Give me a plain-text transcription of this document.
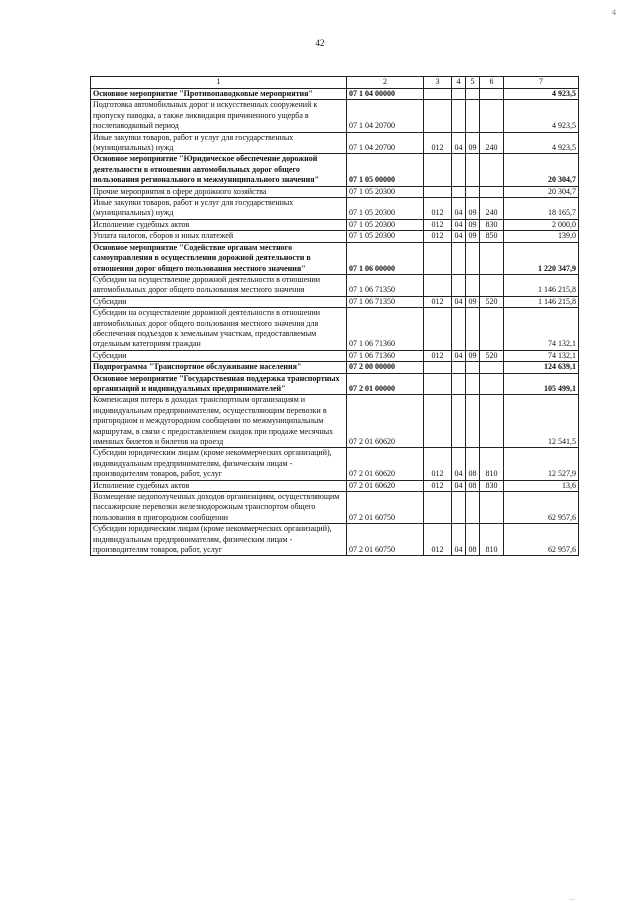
4
42
1	2	3	4	5	6	7
Основное мероприятие "Противопаводковые мероприятия"	07 1 04 00000					4 923,5
Подготовка автомобильных дорог и искусственных сооружений к пропуску паводка, а также ликвидация причиненного ущерба в послепаводковый период	07 1 04 20700					4 923,5
Иные закупки товаров, работ и услуг для государственных (муниципальных) нужд	07 1 04 20700	012	04	09	240	4 923,5
Основное мероприятие "Юридическое обеспечение дорожной деятельности в отношении автомобильных дорог общего пользования регионального и межмуниципального значения"	07 1 05 00000					20 304,7
Прочие мероприятия в сфере дорожного хозяйства	07 1 05 20300					20 304,7
Иные закупки товаров, работ и услуг для государственных (муниципальных) нужд	07 1 05 20300	012	04	09	240	18 165,7
Исполнение судебных актов	07 1 05 20300	012	04	09	830	2 000,0
Уплата налогов, сборов и иных платежей	07 1 05 20300	012	04	09	850	139,0
Основное мероприятие "Содействие органам местного самоуправления в осуществлении дорожной деятельности в отношении дорог общего пользования местного значения"	07 1 06 00000					1 220 347,9
Субсидии на осуществление дорожной деятельности в отношении автомобильных дорог общего пользования местного значения	07 1 06 71350					1 146 215,8
Субсидии	07 1 06 71350	012	04	09	520	1 146 215,8
Субсидии на осуществление дорожной деятельности в отношении автомобильных дорог общего пользования местного значения для обеспечения подъездов к земельным участкам, предоставляемым отдельным категориям граждан	07 1 06 71360					74 132,1
Субсидии	07 1 06 71360	012	04	09	520	74 132,1
Подпрограмма "Транспортное обслуживание населения"	07 2 00 00000					124 639,1
Основное мероприятие "Государственная поддержка транспортных организаций и индивидуальных предпринимателей"	07 2 01 00000					105 499,1
Компенсация потерь в доходах транспортным организациям и индивидуальным предпринимателям, осуществляющим перевозки в пригородном и междугородном сообщении по межмуниципальным маршрутам, в связи с предоставлением скидок при продаже месячных именных билетов и билетов на проезд	07 2 01 60620					12 541,5
Субсидии юридическим лицам (кроме некоммерческих организаций), индивидуальным предпринимателям, физическим лицам - производителям товаров, работ, услуг	07 2 01 60620	012	04	08	810	12 527,9
Исполнение судебных актов	07 2 01 60620	012	04	08	830	13,6
Возмещение недополученных доходов организациям, осуществляющим пассажирские перевозки железнодорожным транспортом общего пользования в пригородном сообщении	07 2 01 60750					62 957,6
Субсидии юридическим лицам (кроме некоммерческих организаций), индивидуальным предпринимателям, физическим лицам - производителям товаров, работ, услуг	07 2 01 60750	012	04	08	810	62 957,6
···
